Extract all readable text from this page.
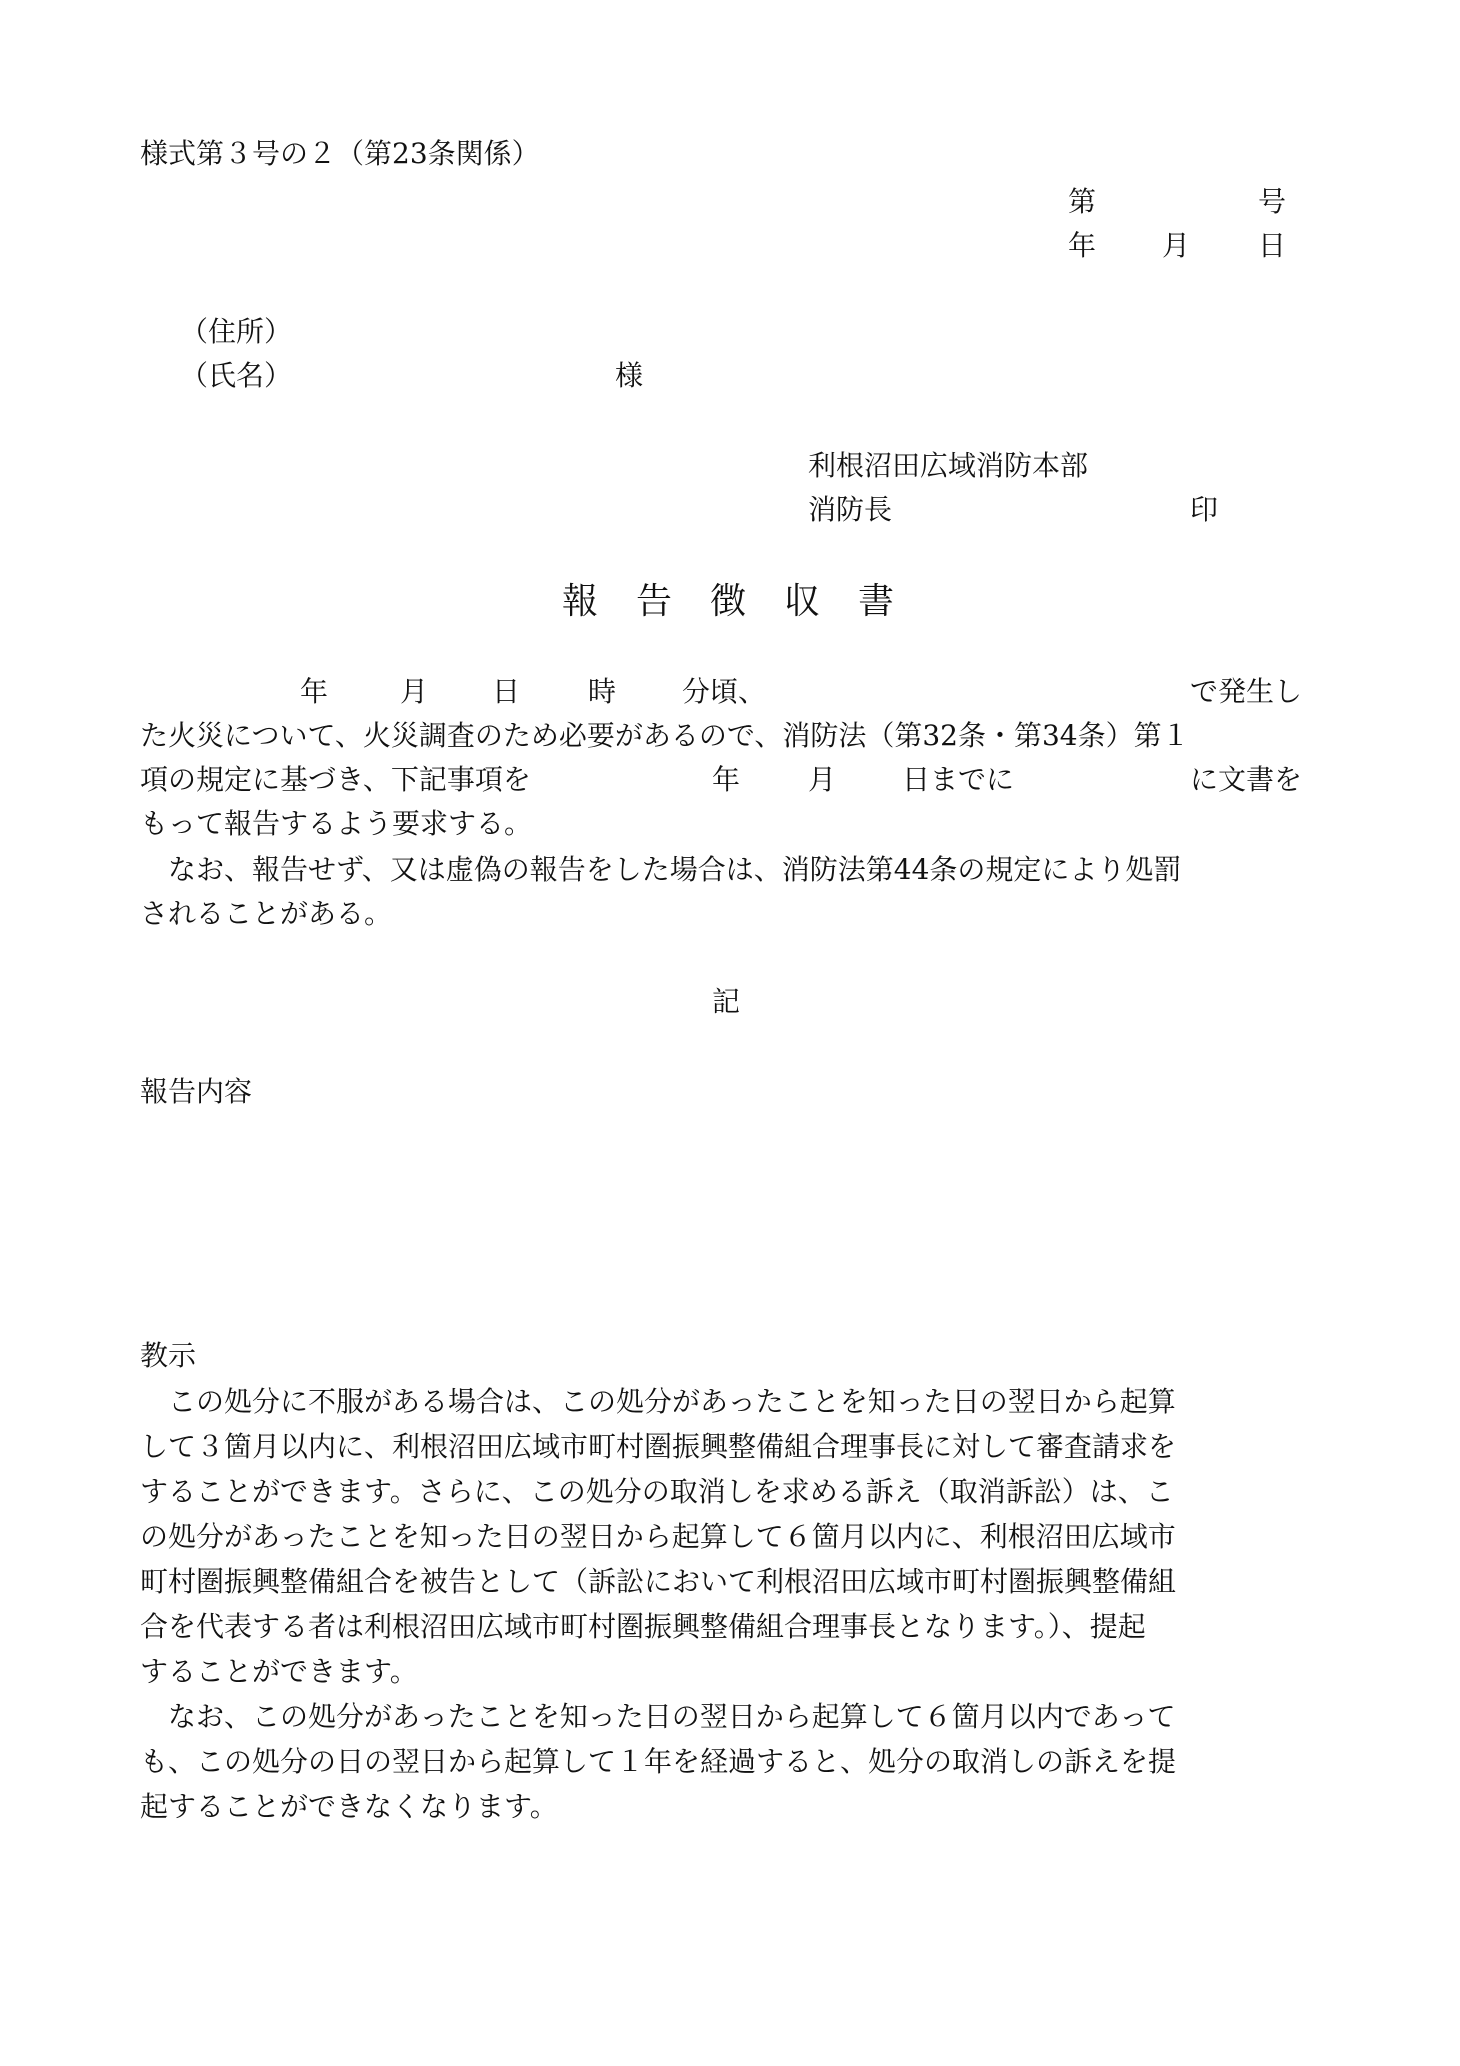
様式第３号の２（第23条関係）
第	号
年 月 日
（住所）
（氏名）	様
利根沼田広域消防本部
消防長	印
報 告 徴 収 書
年	月 日 時 分頃、	で発生し
た火災について、火災調査のため必要があるので、消防法（第32条・第34条）第１
項の規定に基づき、下記事項を	年 月 日までに	に文書を
もって報告するよう要求する。
　なお、報告せず、又は虚偽の報告をした場合は、消防法第44条の規定により処罰
されることがある。
記
報告内容
教示
　この処分に不服がある場合は、この処分があったことを知った日の翌日から起算
して３箇月以内に、利根沼田広域市町村圏振興整備組合理事長に対して審査請求を
することができます。さらに、この処分の取消しを求める訴え（取消訴訟）は、こ
の処分があったことを知った日の翌日から起算して６箇月以内に、利根沼田広域市
町村圏振興整備組合を被告として（訴訟において利根沼田広域市町村圏振興整備組
合を代表する者は利根沼田広域市町村圏振興整備組合理事長となります。）、提起
することができます。
　なお、この処分があったことを知った日の翌日から起算して６箇月以内であって
も、この処分の日の翌日から起算して１年を経過すると、処分の取消しの訴えを提
起することができなくなります。
